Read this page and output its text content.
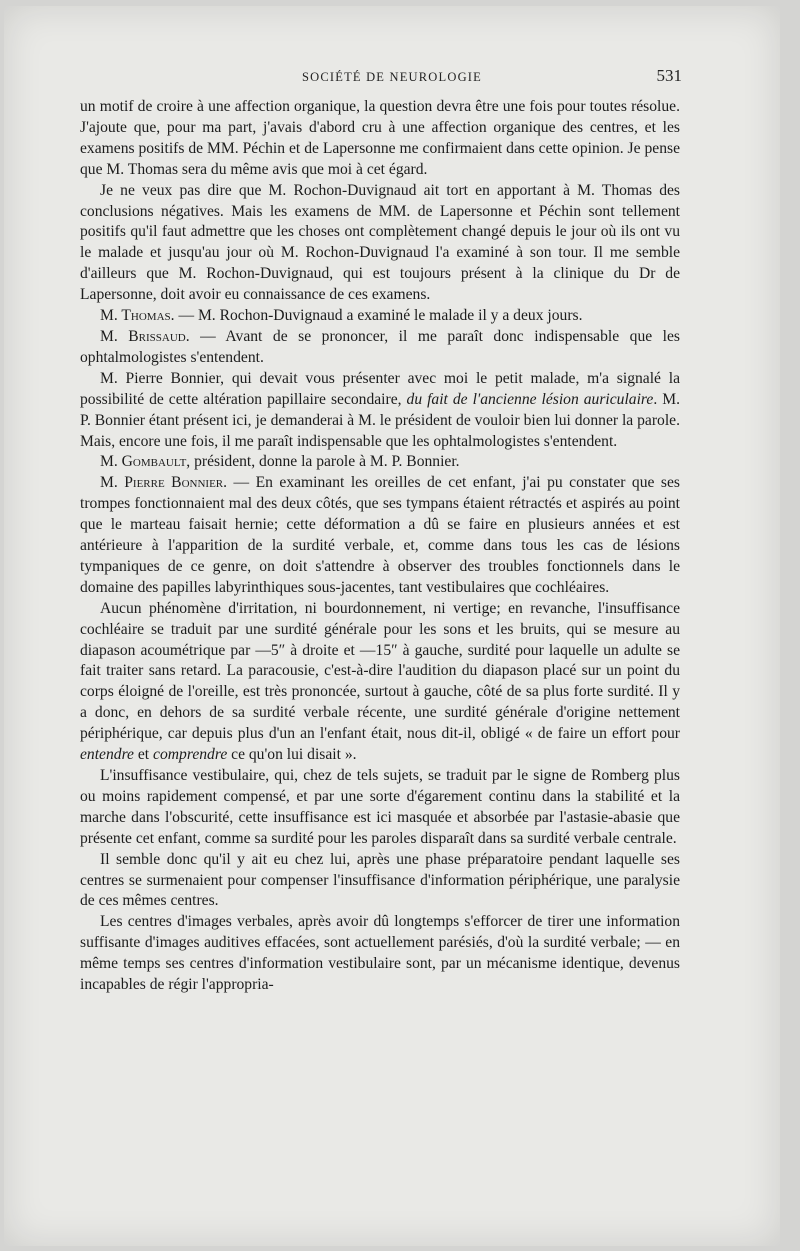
SOCIÉTÉ DE NEUROLOGIE	531

un motif de croire à une affection organique, la question devra être une fois pour toutes résolue. J'ajoute que, pour ma part, j'avais d'abord cru à une affection organique des centres, et les examens positifs de MM. Péchin et de Lapersonne me confirmaient dans cette opinion. Je pense que M. Thomas sera du même avis que moi à cet égard.

Je ne veux pas dire que M. Rochon-Duvignaud ait tort en apportant à M. Thomas des conclusions négatives. Mais les examens de MM. de Lapersonne et Péchin sont tellement positifs qu'il faut admettre que les choses ont complètement changé depuis le jour où ils ont vu le malade et jusqu'au jour où M. Rochon-Duvignaud l'a examiné à son tour. Il me semble d'ailleurs que M. Rochon-Duvignaud, qui est toujours présent à la clinique du Dr de Lapersonne, doit avoir eu connaissance de ces examens.

M. Thomas. — M. Rochon-Duvignaud a examiné le malade il y a deux jours.

M. Brissaud. — Avant de se prononcer, il me paraît donc indispensable que les ophtalmologistes s'entendent.

M. Pierre Bonnier, qui devait vous présenter avec moi le petit malade, m'a signalé la possibilité de cette altération papillaire secondaire, du fait de l'ancienne lésion auriculaire. M. P. Bonnier étant présent ici, je demanderai à M. le président de vouloir bien lui donner la parole. Mais, encore une fois, il me paraît indispensable que les ophtalmologistes s'entendent.

M. Gombault, président, donne la parole à M. P. Bonnier.

M. Pierre Bonnier. — En examinant les oreilles de cet enfant, j'ai pu constater que ses trompes fonctionnaient mal des deux côtés, que ses tympans étaient rétractés et aspirés au point que le marteau faisait hernie; cette déformation a dû se faire en plusieurs années et est antérieure à l'apparition de la surdité verbale, et, comme dans tous les cas de lésions tympaniques de ce genre, on doit s'attendre à observer des troubles fonctionnels dans le domaine des papilles labyrinthiques sous-jacentes, tant vestibulaires que cochléaires.

Aucun phénomène d'irritation, ni bourdonnement, ni vertige; en revanche, l'insuffisance cochléaire se traduit par une surdité générale pour les sons et les bruits, qui se mesure au diapason acoumétrique par —5″ à droite et —15″ à gauche, surdité pour laquelle un adulte se fait traiter sans retard. La paracousie, c'est-à-dire l'audition du diapason placé sur un point du corps éloigné de l'oreille, est très prononcée, surtout à gauche, côté de sa plus forte surdité. Il y a donc, en dehors de sa surdité verbale récente, une surdité générale d'origine nettement périphérique, car depuis plus d'un an l'enfant était, nous dit-il, obligé « de faire un effort pour entendre et comprendre ce qu'on lui disait ».

L'insuffisance vestibulaire, qui, chez de tels sujets, se traduit par le signe de Romberg plus ou moins rapidement compensé, et par une sorte d'égarement continu dans la stabilité et la marche dans l'obscurité, cette insuffisance est ici masquée et absorbée par l'astasie-abasie que présente cet enfant, comme sa surdité pour les paroles disparaît dans sa surdité verbale centrale.

Il semble donc qu'il y ait eu chez lui, après une phase préparatoire pendant laquelle ses centres se surmenaient pour compenser l'insuffisance d'information périphérique, une paralysie de ces mêmes centres.

Les centres d'images verbales, après avoir dû longtemps s'efforcer de tirer une information suffisante d'images auditives effacées, sont actuellement parésiés, d'où la surdité verbale; — en même temps ses centres d'information vestibulaire sont, par un mécanisme identique, devenus incapables de régir l'appropria-
